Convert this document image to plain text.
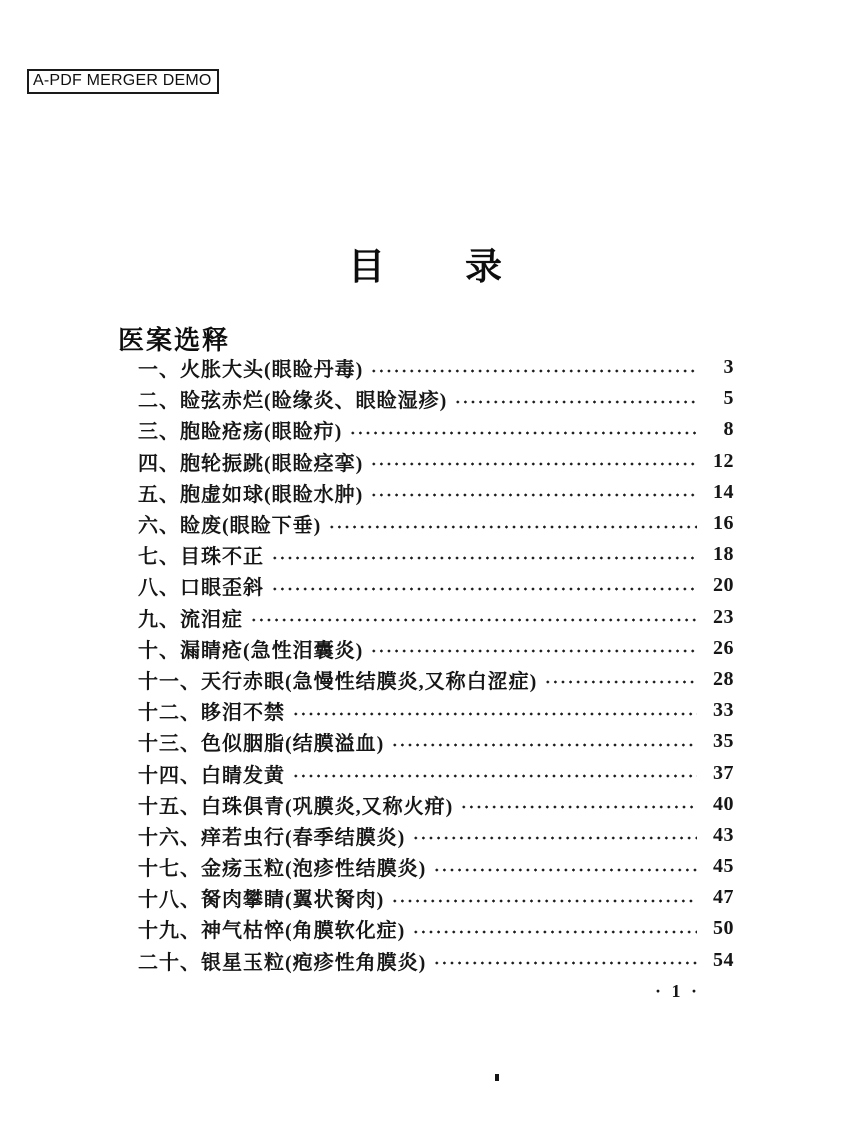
A-PDF MERGER DEMO
目　　录
医案选释
一、火胀大头(眼睑丹毒)	3
二、睑弦赤烂(睑缘炎、眼睑湿疹)	5
三、胞睑疮疡(眼睑疖)	8
四、胞轮振跳(眼睑痉挛)	12
五、胞虚如球(眼睑水肿)	14
六、睑废(眼睑下垂)	16
七、目珠不正	18
八、口眼歪斜	20
九、流泪症	23
十、漏睛疮(急性泪囊炎)	26
十一、天行赤眼(急慢性结膜炎,又称白涩症)	28
十二、眵泪不禁	33
十三、色似胭脂(结膜溢血)	35
十四、白睛发黄	37
十五、白珠俱青(巩膜炎,又称火疳)	40
十六、痒若虫行(春季结膜炎)	43
十七、金疡玉粒(泡疹性结膜炎)	45
十八、胬肉攀睛(翼状胬肉)	47
十九、神气枯悴(角膜软化症)	50
二十、银星玉粒(疱疹性角膜炎)	54
· 1 ·
